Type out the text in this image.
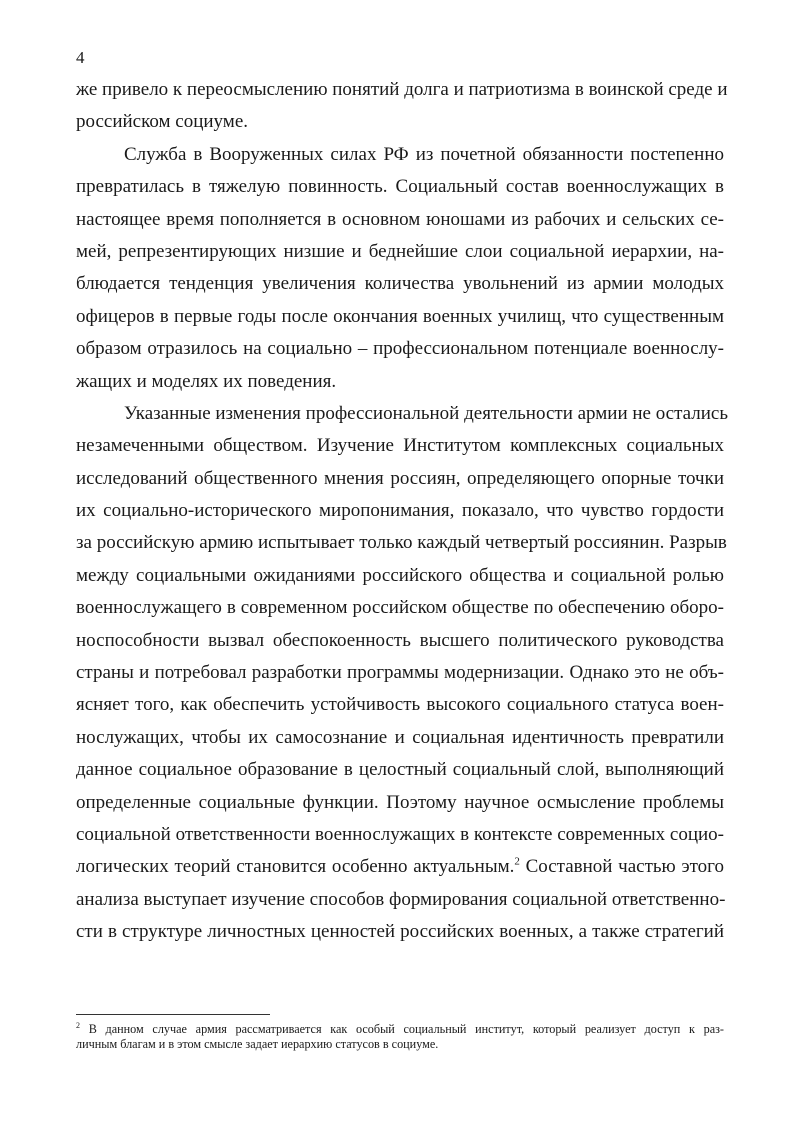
4
же привело к переосмыслению понятий долга и патриотизма в воинской среде и
российском социуме.
Служба в Вооруженных силах РФ из почетной обязанности постепенно
превратилась в тяжелую повинность. Социальный состав военнослужащих в
настоящее время пополняется в основном юношами из рабочих и сельских се-
мей, репрезентирующих низшие и беднейшие слои социальной иерархии, на-
блюдается тенденция увеличения количества увольнений из армии молодых
офицеров в первые годы после окончания военных училищ, что существенным
образом отразилось на социально – профессиональном потенциале военнослу-
жащих и моделях их поведения.
Указанные изменения профессиональной деятельности армии не остались
незамеченными обществом. Изучение Институтом комплексных социальных
исследований общественного мнения россиян, определяющего опорные точки
их социально-исторического миропонимания, показало, что чувство гордости
за российскую армию испытывает только каждый четвертый россиянин. Разрыв
между социальными ожиданиями российского общества и социальной ролью
военнослужащего в современном российском обществе по обеспечению оборо-
носпособности вызвал обеспокоенность высшего политического руководства
страны и потребовал разработки программы модернизации. Однако это не объ-
ясняет того, как обеспечить устойчивость высокого социального статуса воен-
нослужащих, чтобы их самосознание и социальная идентичность превратили
данное социальное образование в целостный социальный слой, выполняющий
определенные социальные функции. Поэтому научное осмысление проблемы
социальной ответственности военнослужащих в контексте современных социо-
логических теорий становится особенно актуальным.$^2$ Составной частью этого
анализа выступает изучение способов формирования социальной ответственно-
сти в структуре личностных ценностей российских военных, а также стратегий
$^2$ В данном случае армия рассматривается как особый социальный институт, который реализует доступ к раз-
личным благам и в этом смысле задает иерархию статусов в социуме.
